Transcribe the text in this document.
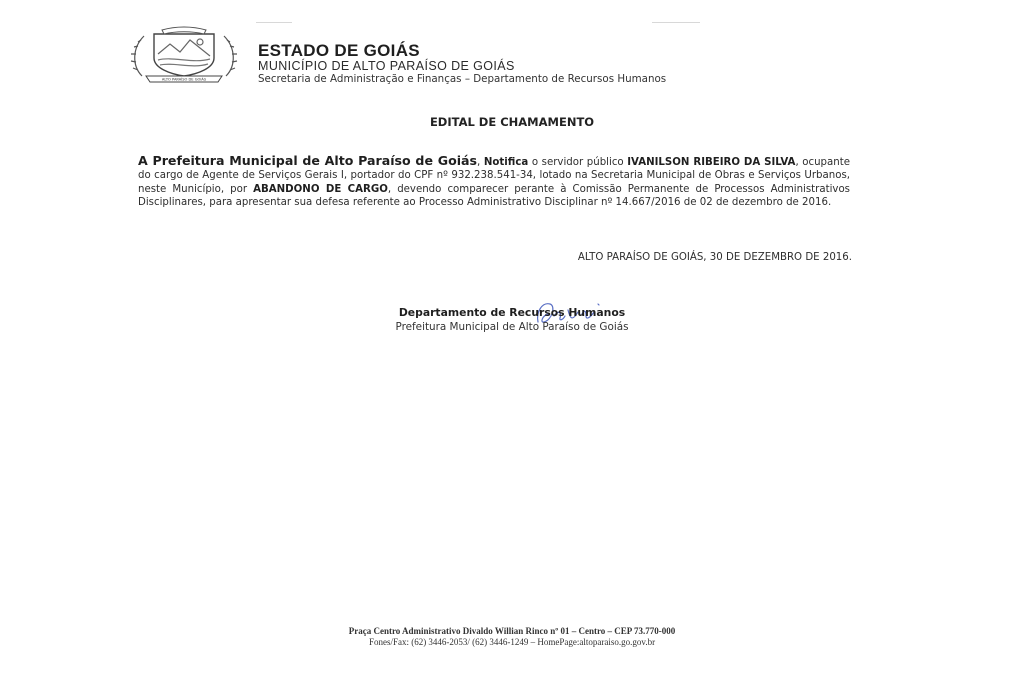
ALTO PARAÍSO DE GOIÁS
ESTADO DE GOIÁS
MUNICÍPIO DE ALTO PARAÍSO DE GOIÁS
Secretaria de Administração e Finanças – Departamento de Recursos Humanos
EDITAL DE CHAMAMENTO
A Prefeitura Municipal de Alto Paraíso de Goiás, Notifica o servidor público IVANILSON RIBEIRO DA SILVA, ocupante do cargo de Agente de Serviços Gerais I, portador do CPF nº 932.238.541-34, lotado na Secretaria Municipal de Obras e Serviços Urbanos, neste Município, por ABANDONO DE CARGO, devendo comparecer perante à Comissão Permanente de Processos Administrativos Disciplinares, para apresentar sua defesa referente ao Processo Administrativo Disciplinar nº 14.667/2016 de 02 de dezembro de 2016.
ALTO PARAÍSO DE GOIÁS, 30 DE DEZEMBRO DE 2016.
Departamento de Recursos Humanos
Prefeitura Municipal de Alto Paraíso de Goiás
Praça Centro Administrativo Divaldo Willian Rinco nº 01 – Centro – CEP 73.770-000
Fones/Fax: (62) 3446-2053/ (62) 3446-1249 – HomePage:altoparaiso.go.gov.br
